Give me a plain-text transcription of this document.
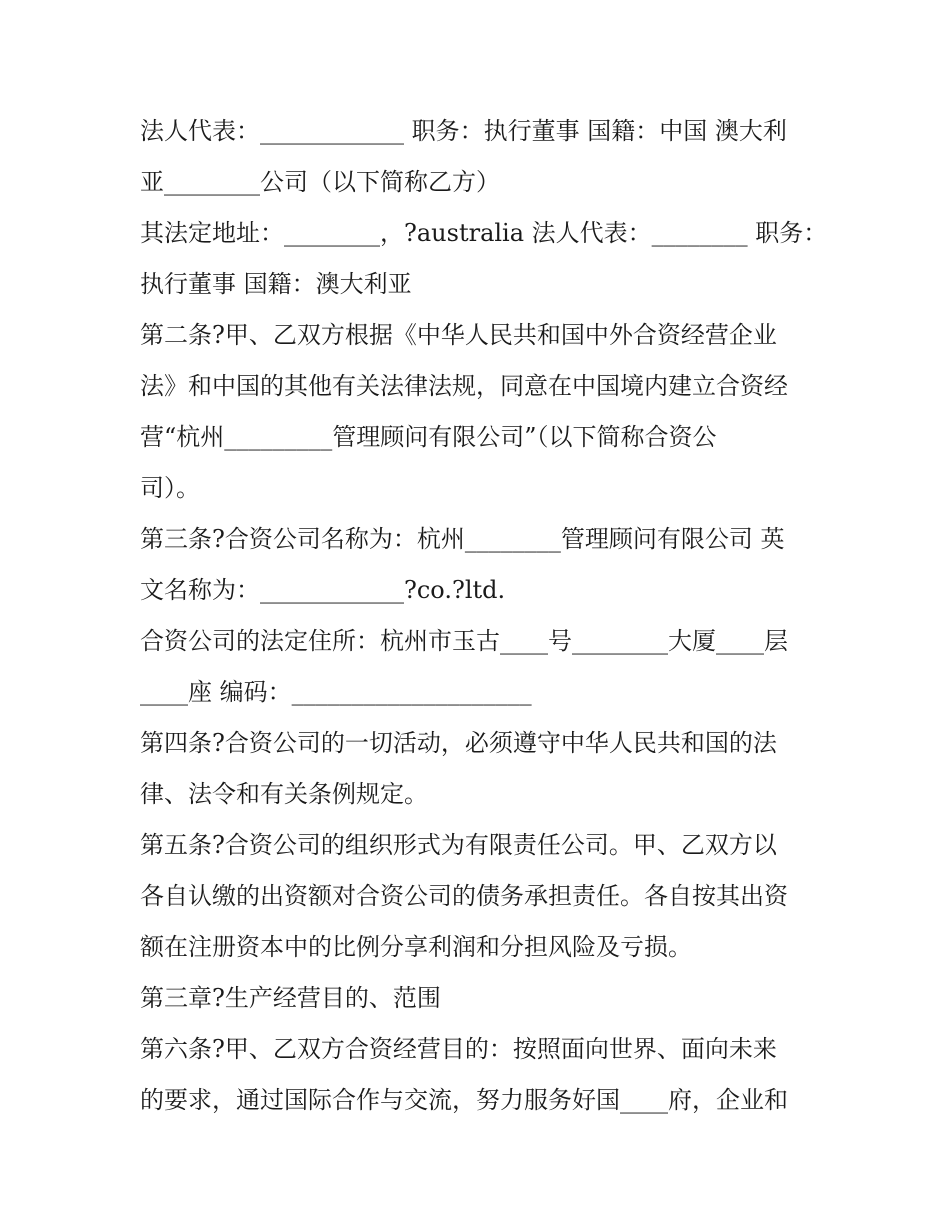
法人代表：____________ 职务：执行董事 国籍：中国 澳大利
亚________公司（以下简称乙方）
其法定地址：________，?australia 法人代表：________ 职务：
执行董事 国籍：澳大利亚
第二条?甲、乙双方根据《中华人民共和国中外合资经营企业
法》和中国的其他有关法律法规，同意在中国境内建立合资经
营“杭州_________管理顾问有限公司”（以下简称合资公
司）。
第三条?合资公司名称为：杭州________管理顾问有限公司 英
文名称为：____________?co.?ltd.
合资公司的法定住所：杭州市玉古____号________大厦____层
____座 编码：____________________
第四条?合资公司的一切活动，必须遵守中华人民共和国的法
律、法令和有关条例规定。
第五条?合资公司的组织形式为有限责任公司。甲、乙双方以
各自认缴的出资额对合资公司的债务承担责任。各自按其出资
额在注册资本中的比例分享利润和分担风险及亏损。
第三章?生产经营目的、范围
第六条?甲、乙双方合资经营目的：按照面向世界、面向未来
的要求，通过国际合作与交流，努力服务好国____府，企业和
